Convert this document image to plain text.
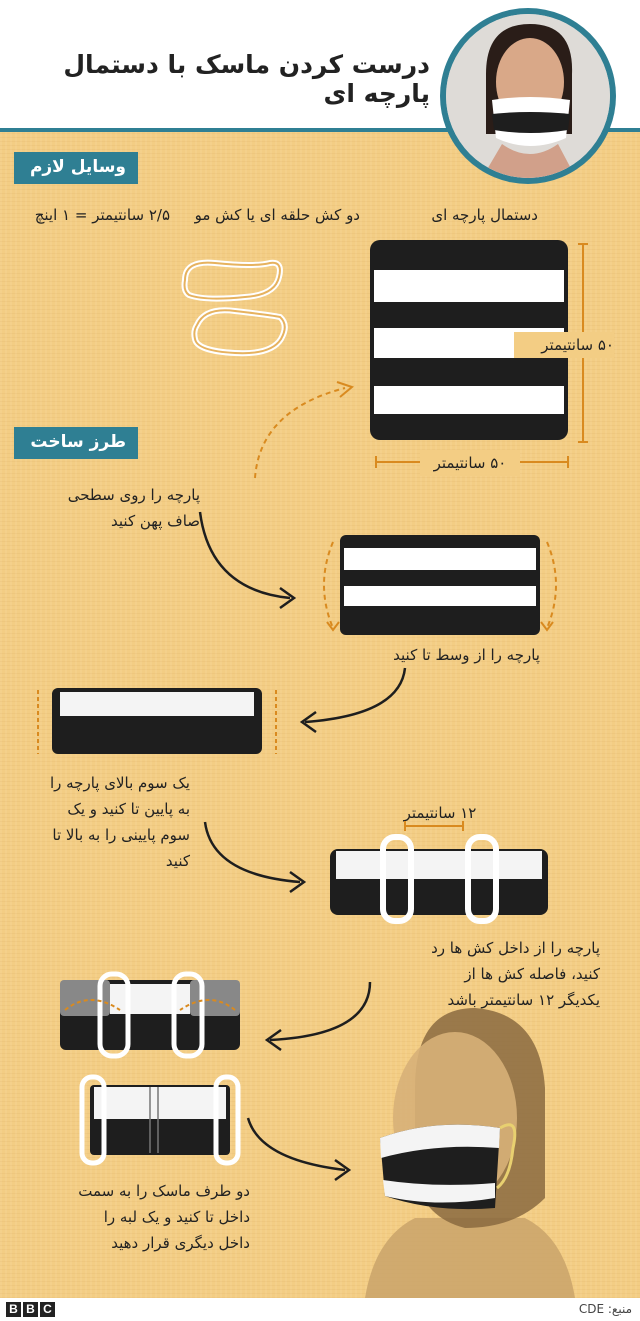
درست کردن ماسک با دستمال پارچه ای
وسایل لازم
۲/۵ سانتیمتر = ۱ اینچ	دو کش حلقه ای یا کش مو	دستمال پارچه ای
۵۰ سانتیمتر
۵۰ سانتیمتر
طرز ساخت
پارچه را روی سطحی صاف پهن کنید
پارچه را از وسط تا کنید
یک سوم بالای پارچه را به پایین تا کنید و یک سوم پایینی را به بالا تا کنید
۱۲ سانتیمتر
پارچه را از داخل کش ها رد کنید، فاصله کش ها از یکدیگر ۱۲ سانتیمتر باشد
دو طرف ماسک را به سمت داخل تا کنید و یک لبه را داخل دیگری قرار دهید
B B C	منبع: CDE
